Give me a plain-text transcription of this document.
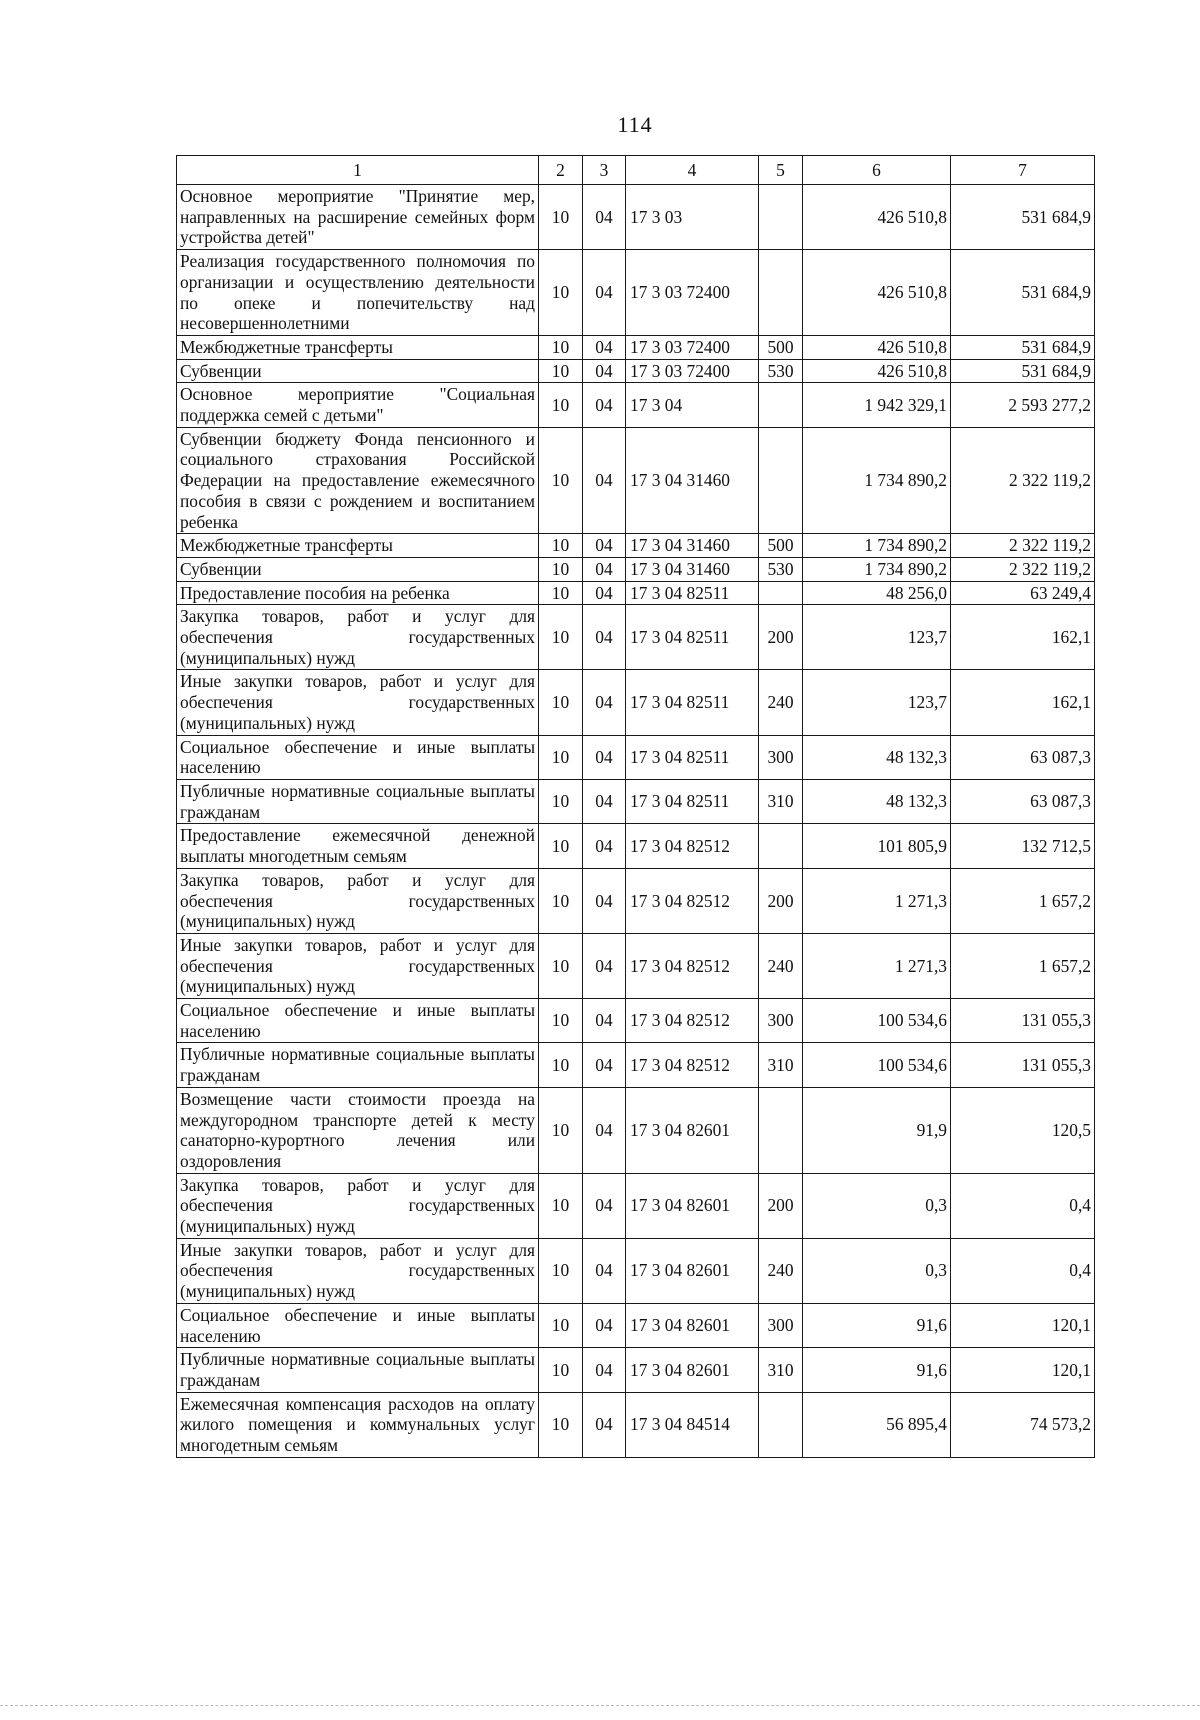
114
1	2	3	4	5	6	7
Основное мероприятие "Принятие мер, направленных на расширение семейных форм устройства детей"	10	04	17 3 03		426 510,8	531 684,9
Реализация государственного полномочия по организации и осуществлению деятельности по опеке и попечительству над несовершеннолетними	10	04	17 3 03 72400		426 510,8	531 684,9
Межбюджетные трансферты	10	04	17 3 03 72400	500	426 510,8	531 684,9
Субвенции	10	04	17 3 03 72400	530	426 510,8	531 684,9
Основное мероприятие "Социальная поддержка семей с детьми"	10	04	17 3 04		1 942 329,1	2 593 277,2
Субвенции бюджету Фонда пенсионного и социального страхования Российской Федерации на предоставление ежемесячного пособия в связи с рождением и воспитанием ребенка	10	04	17 3 04 31460		1 734 890,2	2 322 119,2
Межбюджетные трансферты	10	04	17 3 04 31460	500	1 734 890,2	2 322 119,2
Субвенции	10	04	17 3 04 31460	530	1 734 890,2	2 322 119,2
Предоставление пособия на ребенка	10	04	17 3 04 82511		48 256,0	63 249,4
Закупка товаров, работ и услуг для обеспечения государственных (муниципальных) нужд	10	04	17 3 04 82511	200	123,7	162,1
Иные закупки товаров, работ и услуг для обеспечения государственных (муниципальных) нужд	10	04	17 3 04 82511	240	123,7	162,1
Социальное обеспечение и иные выплаты населению	10	04	17 3 04 82511	300	48 132,3	63 087,3
Публичные нормативные социальные выплаты гражданам	10	04	17 3 04 82511	310	48 132,3	63 087,3
Предоставление ежемесячной денежной выплаты многодетным семьям	10	04	17 3 04 82512		101 805,9	132 712,5
Закупка товаров, работ и услуг для обеспечения государственных (муниципальных) нужд	10	04	17 3 04 82512	200	1 271,3	1 657,2
Иные закупки товаров, работ и услуг для обеспечения государственных (муниципальных) нужд	10	04	17 3 04 82512	240	1 271,3	1 657,2
Социальное обеспечение и иные выплаты населению	10	04	17 3 04 82512	300	100 534,6	131 055,3
Публичные нормативные социальные выплаты гражданам	10	04	17 3 04 82512	310	100 534,6	131 055,3
Возмещение части стоимости проезда на междугородном транспорте детей к месту санаторно-курортного лечения или оздоровления	10	04	17 3 04 82601		91,9	120,5
Закупка товаров, работ и услуг для обеспечения государственных (муниципальных) нужд	10	04	17 3 04 82601	200	0,3	0,4
Иные закупки товаров, работ и услуг для обеспечения государственных (муниципальных) нужд	10	04	17 3 04 82601	240	0,3	0,4
Социальное обеспечение и иные выплаты населению	10	04	17 3 04 82601	300	91,6	120,1
Публичные нормативные социальные выплаты гражданам	10	04	17 3 04 82601	310	91,6	120,1
Ежемесячная компенсация расходов на оплату жилого помещения и коммунальных услуг многодетным семьям	10	04	17 3 04 84514		56 895,4	74 573,2
